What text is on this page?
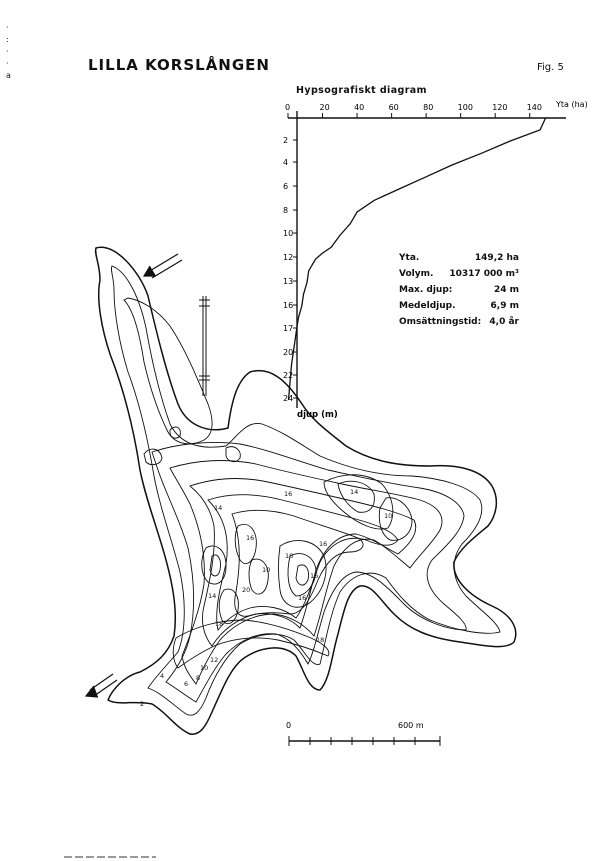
LILLA KORSLÅNGEN	Fig. 5
Hypsografiskt diagram
·
:
·
·
a
Yta.	149,2 ha
Volym. 10317 000 m³
Max. djup:	24 m
Medeldjup.	6,9 m
Omsättningstid: 4,0 år
0	20	40	60	80	100 120 140
2
4
6
8
10
12
13
16
17
20
22
24
Yta (ha)
djup (m)
14
16
16
16
16
16
10
20
10
18
18
16
12
10
8
6
4
2
14
14
0	600 m
